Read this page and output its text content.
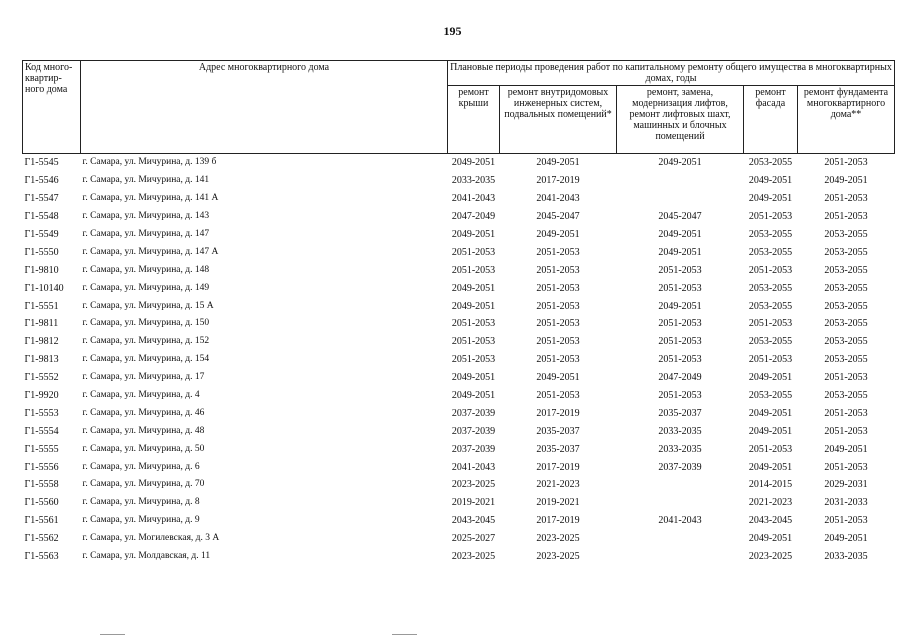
195
Код много-квартир-ного дома	Адрес многоквартирного дома	Плановые периоды проведения работ по капитальному ремонту общего имущества в многоквартирных домах, годы				
		ремонт крыши	ремонт внутридомовых инженерных систем, подвальных помещений*	ремонт, замена, модернизация лифтов, ремонт лифтовых шахт, машинных и блочных помещений	ремонт фасада	ремонт фундамента многоквартирного дома**
Г1-5545	г. Самара, ул. Мичурина, д. 139 б	2049-2051	2049-2051	2049-2051	2053-2055	2051-2053
Г1-5546	г. Самара, ул. Мичурина, д. 141	2033-2035	2017-2019		2049-2051	2049-2051
Г1-5547	г. Самара, ул. Мичурина, д. 141 А	2041-2043	2041-2043		2049-2051	2051-2053
Г1-5548	г. Самара, ул. Мичурина, д. 143	2047-2049	2045-2047	2045-2047	2051-2053	2051-2053
Г1-5549	г. Самара, ул. Мичурина, д. 147	2049-2051	2049-2051	2049-2051	2053-2055	2053-2055
Г1-5550	г. Самара, ул. Мичурина, д. 147 А	2051-2053	2051-2053	2049-2051	2053-2055	2053-2055
Г1-9810	г. Самара, ул. Мичурина, д. 148	2051-2053	2051-2053	2051-2053	2051-2053	2053-2055
Г1-10140	г. Самара, ул. Мичурина, д. 149	2049-2051	2051-2053	2051-2053	2053-2055	2053-2055
Г1-5551	г. Самара, ул. Мичурина, д. 15 А	2049-2051	2051-2053	2049-2051	2053-2055	2053-2055
Г1-9811	г. Самара, ул. Мичурина, д. 150	2051-2053	2051-2053	2051-2053	2051-2053	2053-2055
Г1-9812	г. Самара, ул. Мичурина, д. 152	2051-2053	2051-2053	2051-2053	2053-2055	2053-2055
Г1-9813	г. Самара, ул. Мичурина, д. 154	2051-2053	2051-2053	2051-2053	2051-2053	2053-2055
Г1-5552	г. Самара, ул. Мичурина, д. 17	2049-2051	2049-2051	2047-2049	2049-2051	2051-2053
Г1-9920	г. Самара, ул. Мичурина, д. 4	2049-2051	2051-2053	2051-2053	2053-2055	2053-2055
Г1-5553	г. Самара, ул. Мичурина, д. 46	2037-2039	2017-2019	2035-2037	2049-2051	2051-2053
Г1-5554	г. Самара, ул. Мичурина, д. 48	2037-2039	2035-2037	2033-2035	2049-2051	2051-2053
Г1-5555	г. Самара, ул. Мичурина, д. 50	2037-2039	2035-2037	2033-2035	2051-2053	2049-2051
Г1-5556	г. Самара, ул. Мичурина, д. 6	2041-2043	2017-2019	2037-2039	2049-2051	2051-2053
Г1-5558	г. Самара, ул. Мичурина, д. 70	2023-2025	2021-2023		2014-2015	2029-2031
Г1-5560	г. Самара, ул. Мичурина, д. 8	2019-2021	2019-2021		2021-2023	2031-2033
Г1-5561	г. Самара, ул. Мичурина, д. 9	2043-2045	2017-2019	2041-2043	2043-2045	2051-2053
Г1-5562	г. Самара, ул. Могилевская, д. 3 А	2025-2027	2023-2025		2049-2051	2049-2051
Г1-5563	г. Самара, ул. Молдавская, д. 11	2023-2025	2023-2025		2023-2025	2033-2035
